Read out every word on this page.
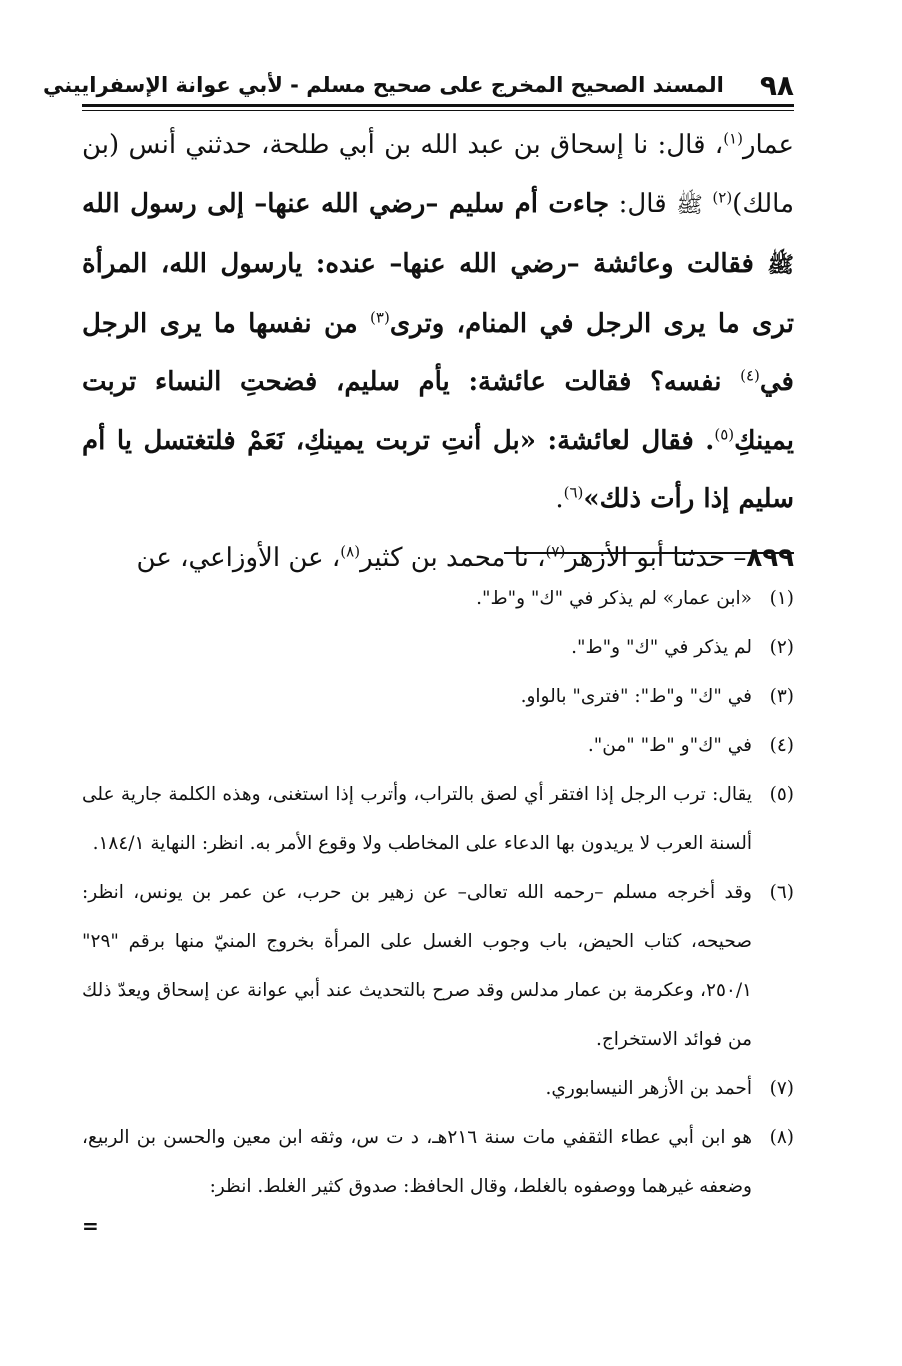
٩٨
المسند الصحيح المخرج على صحيح مسلم - لأبي عوانة الإسفراييني

عمار$^{(١)}$، قال: نا إسحاق بن عبد الله بن أبي طلحة، حدثني أنس (بن مالك)$^{(٢)}$ ﷺ قال: جاءت أم سليم –رضي الله عنها– إلى رسول الله ﷺ فقالت وعائشة –رضي الله عنها– عنده: يارسول الله، المرأة ترى ما يرى الرجل في المنام، وترى$^{(٣)}$ من نفسها ما يرى الرجل في$^{(٤)}$ نفسه؟ فقالت عائشة: يأم سليم، فضحتِ النساء تربت يمينكِ$^{(٥)}$. فقال لعائشة: «بل أنتِ تربت يمينكِ، نَعَمْ فلتغتسل يا أم سليم إذا رأت ذلك»$^{(٦)}$.

٨٩٩– حدثنا أبو الأزهر$^{(٧)}$، نا محمد بن كثير$^{(٨)}$، عن الأوزاعي، عن

(١)
«ابن عمار» لم يذكر في "ك" و"ط".
(٢)
لم يذكر في "ك" و"ط".
(٣)
في "ك" و"ط": "فترى" بالواو.
(٤)
في "ك"و "ط" "من".
(٥)
يقال: ترب الرجل إذا افتقر أي لصق بالتراب، وأترب إذا استغنى، وهذه الكلمة جارية على ألسنة العرب لا يريدون بها الدعاء على المخاطب ولا وقوع الأمر به. انظر: النهاية ١٨٤/١.
(٦)
وقد أخرجه مسلم –رحمه الله تعالى– عن زهير بن حرب، عن عمر بن يونس، انظر: صحيحه، كتاب الحيض، باب وجوب الغسل على المرأة بخروج المنيّ منها برقم "٢٩" ٢٥٠/١، وعكرمة بن عمار مدلس وقد صرح بالتحديث عند أبي عوانة عن إسحاق ويعدّ ذلك من فوائد الاستخراج.
(٧)
أحمد بن الأزهر النيسابوري.
(٨)
هو ابن أبي عطاء الثقفي مات سنة ٢١٦هـ، د ت س، وثقه ابن معين والحسن بن الربيع، وضعفه غيرهما ووصفوه بالغلط، وقال الحافظ: صدوق كثير الغلط. انظر:
=
